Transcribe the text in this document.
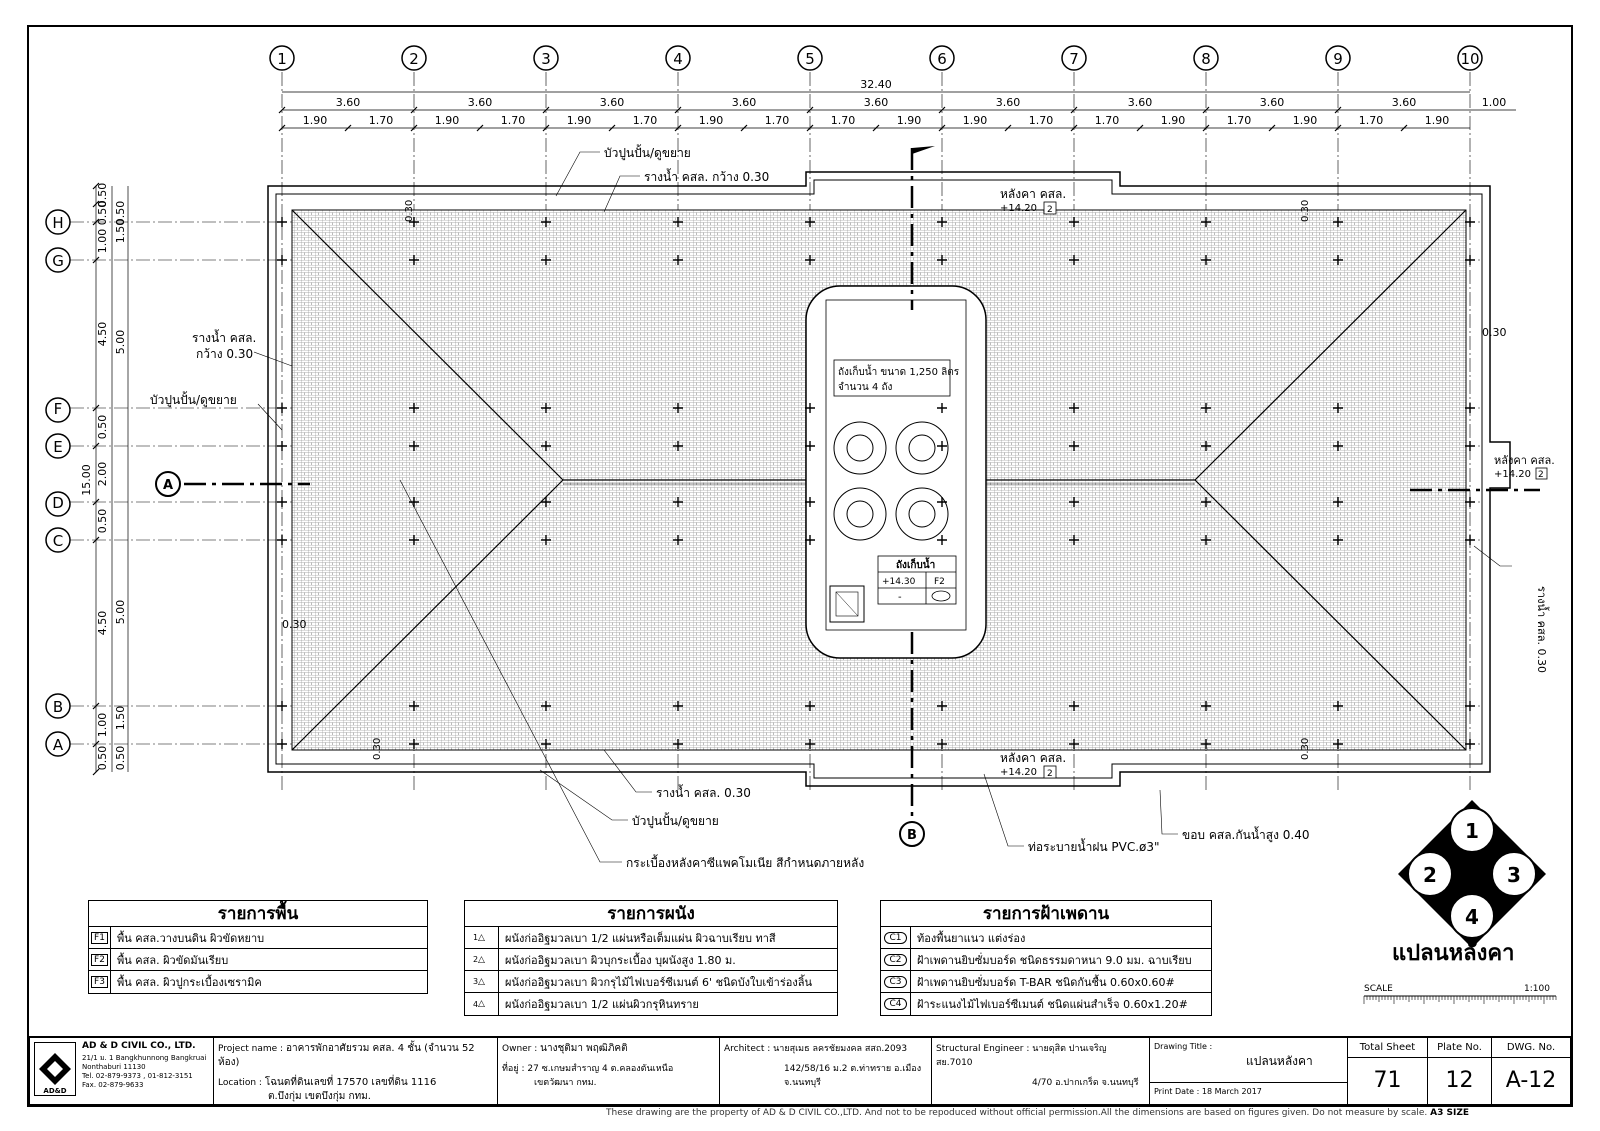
ถังเก็บน้ำ ขนาด 1,250 ลิตร
จำนวน 4 ถัง
ถังเก็บน้ำ
+14.30 F2
-
A
B
1	2	3	4	5	6	7	8	9	10
H
G
F
E
D
C
B
A
32.40
3.60	3.60	3.60	3.60	3.60	3.60	3.60	3.60	3.60	1.00
1.90	1.70	1.90	1.70	1.90	1.70	1.90	1.70	1.70	1.90	1.90	1.70	1.70	1.90	1.70	1.90	1.70	1.90
0.50
0.50
1.00
4.50
0.50
2.00
0.50
4.50
1.00
0.50
15.00
0.50
1.50
5.00
5.00
1.50
0.50
บัวปูนปั้น/ดูขยาย
รางน้ำ คสล. กว้าง 0.30
หลังคา คสล.
+14.20 2
รางน้ำ คสล.
กว้าง 0.30
บัวปูนปั้น/ดูขยาย
หลังคา คสล.
+14.20 2
รางน้ำ คสล. 0.30
0.30
0.30
0.30	0.30
0.30	0.30
หลังคา คสล.
+14.20 2
รางน้ำ คสล. 0.30
บัวปูนปั้น/ดูขยาย
กระเบื้องหลังคาซีแพคโมเนีย สีกำหนดภายหลัง
ท่อระบายน้ำฝน PVC.ø3"
ขอบ คสล.กันน้ำสูง 0.40	1
2	3
4
SCALE	1:100
แปลนหลังคา
รายการพื้น
F1	พื้น คสล.วางบนดิน ผิวขัดหยาบ
F2	พื้น คสล. ผิวขัดมันเรียบ
F3	พื้น คสล. ผิวปูกระเบื้องเซรามิค
รายการผนัง
△
1	ผนังก่ออิฐมวลเบา 1/2 แผ่นหรือเต็มแผ่น ผิวฉาบเรียบ ทาสี
△
2	ผนังก่ออิฐมวลเบา ผิวบุกระเบื้อง บุผนังสูง 1.80 ม.
△
3	ผนังก่ออิฐมวลเบา ผิวกรุไม้ไฟเบอร์ซีเมนต์ 6' ชนิดบังใบเข้าร่องลิ้น
△
4	ผนังก่ออิฐมวลเบา 1/2 แผ่นผิวกรุหินทราย
รายการฝ้าเพดาน
C1	ท้องพื้นยาแนว แต่งร่อง
C2	ฝ้าเพดานยิบซั่มบอร์ด ชนิดธรรมดาหนา 9.0 มม. ฉาบเรียบ
C3	ฝ้าเพดานยิบซั่มบอร์ด T-BAR ชนิดกันชื้น 0.60x0.60#
C4	ฝ้าระแนงไม้ไฟเบอร์ซีเมนต์ ชนิดแผ่นสำเร็จ 0.60x1.20#
AD&D
AD & D CIVIL CO., LTD.
21/1 ม. 1 Bangkhunnong Bangkruai
Nonthaburi 11130
Tel. 02-879-9373 , 01-812-3151
Fax. 02-879-9633
Project name : อาคารพักอาศัยรวม คสล. 4 ชั้น (จำนวน 52 ห้อง)
Location : โฉนดที่ดินเลขที่ 17570 เลขที่ดิน 1116
ต.บึงกุ่ม เขตบึงกุ่ม กทม.
Owner : นางชุติมา พฤฒิภิคติ
ที่อยู่ : 27 ซ.เกษมสำราญ 4 ต.คลองตันเหนือ
เขตวัฒนา กทม.
Architect : นายสุเมธ ลครชัยมงคล สสถ.2093
142/58/16 ม.2 ต.ท่าทราย อ.เมือง
จ.นนทบุรี
Structural Engineer : นายดุสิต ปานเจริญ สย.7010
4/70 อ.ปากเกร็ด จ.นนทบุรี
Drawing Title :
แปลนหลังคา
Print Date : 18 March 2017
Total Sheet
71
Plate No.
12
DWG. No.
A-12
These drawing are the property of AD & D CIVIL CO.,LTD. And not to be repoduced without official permission.All the dimensions are based on figures given. Do not measure by scale. A3 SIZE
